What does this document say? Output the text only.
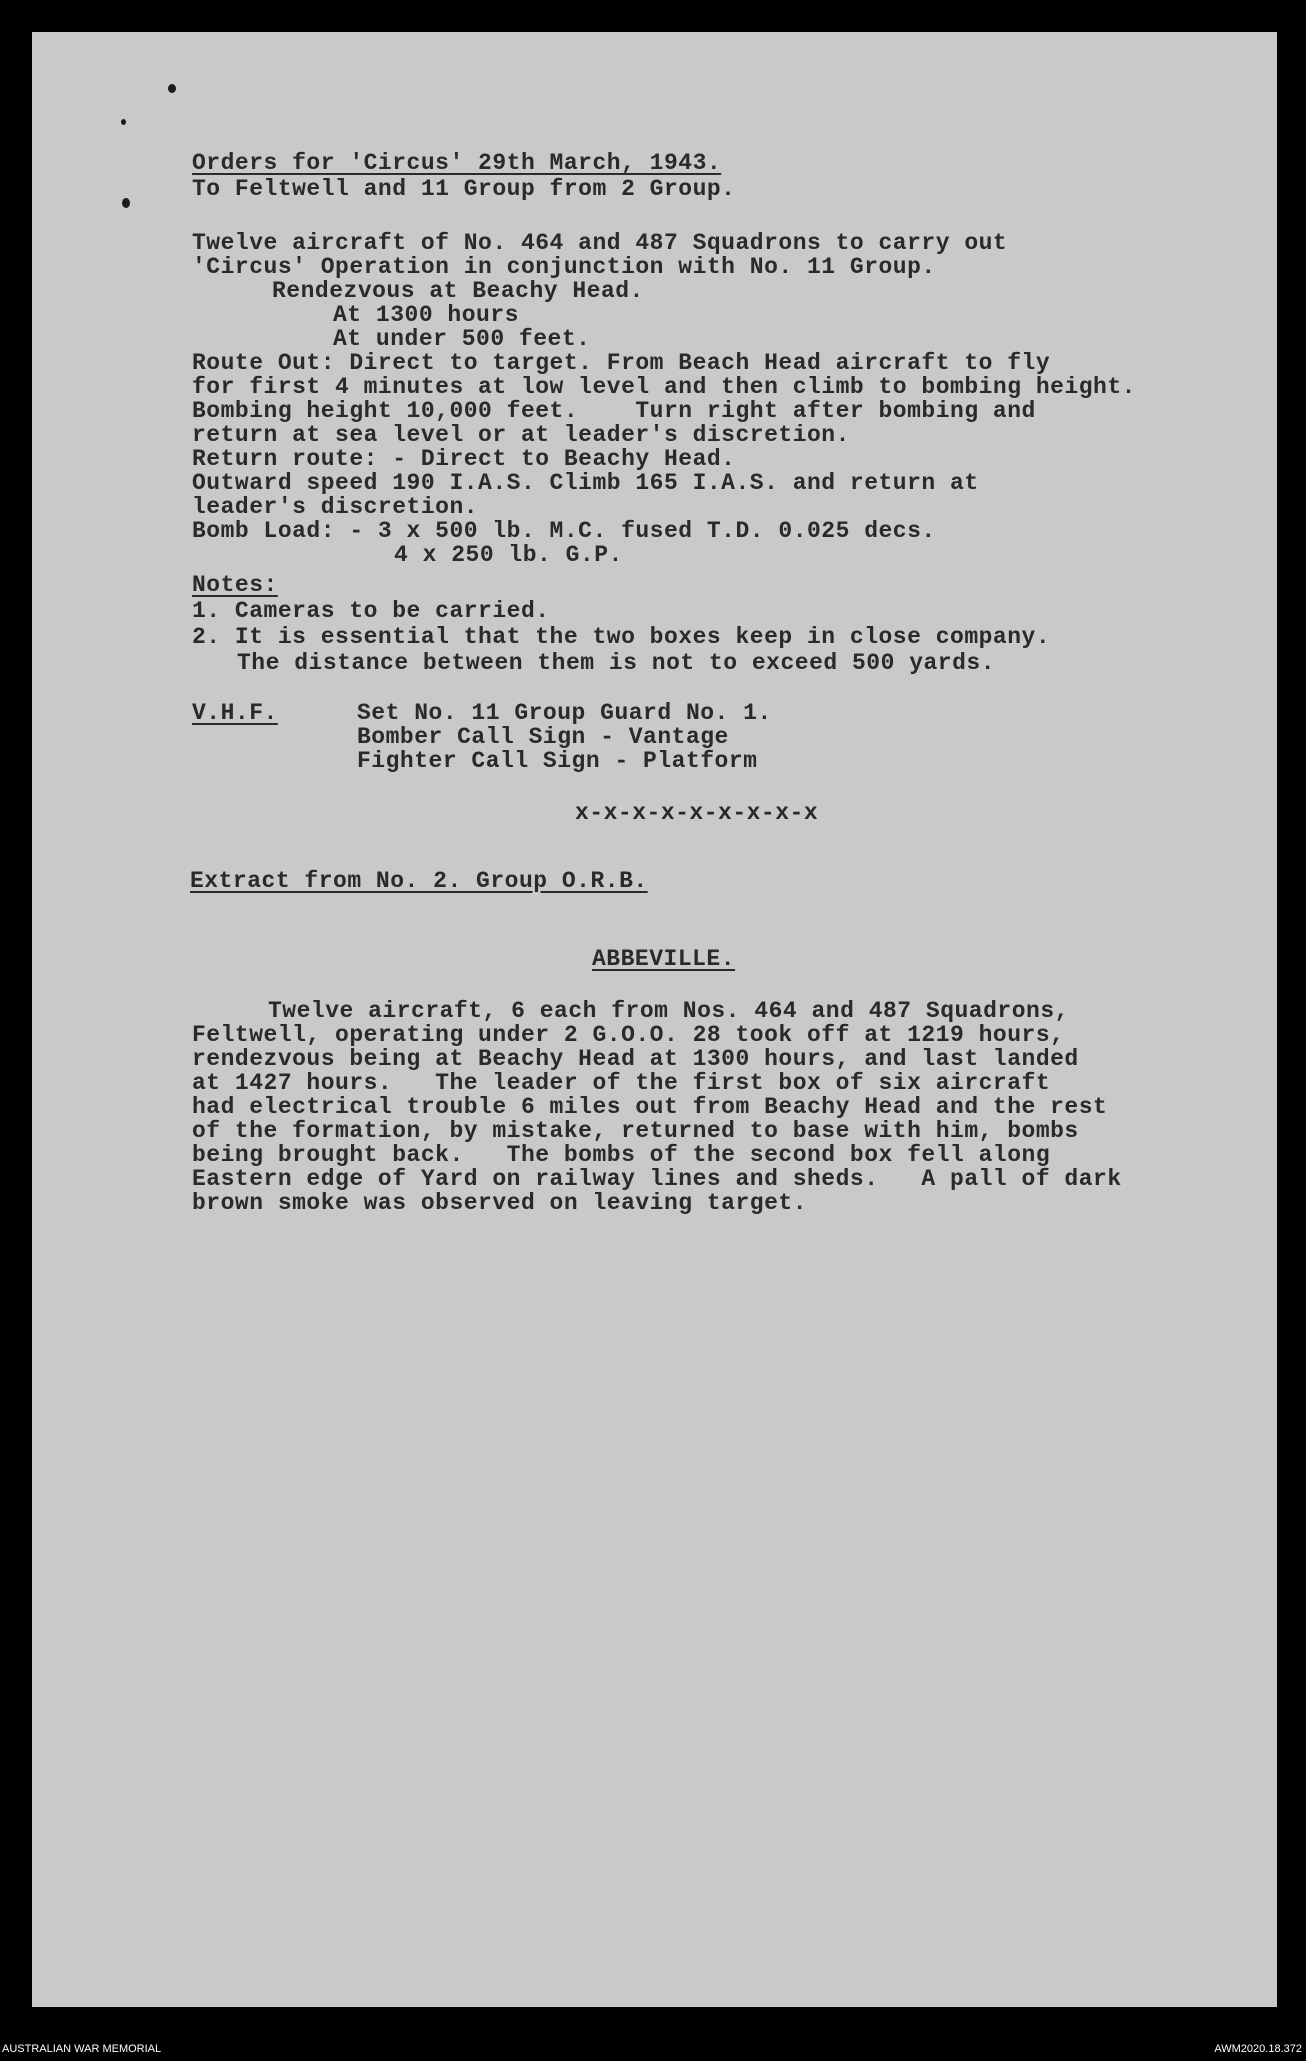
Orders for 'Circus' 29th March, 1943.
To Feltwell and 11 Group from 2 Group.
Twelve aircraft of No. 464 and 487 Squadrons to carry out
'Circus' Operation in conjunction with No. 11 Group.
Rendezvous at Beachy Head.
At 1300 hours
At under 500 feet.
Route Out: Direct to target. From Beach Head aircraft to fly
for first 4 minutes at low level and then climb to bombing height.
Bombing height 10,000 feet.    Turn right after bombing and
return at sea level or at leader's discretion.
Return route: - Direct to Beachy Head.
Outward speed 190 I.A.S. Climb 165 I.A.S. and return at
leader's discretion.
Bomb Load: - 3 x 500 lb. M.C. fused T.D. 0.025 decs.
4 x 250 lb. G.P.
Notes:
1. Cameras to be carried.
2. It is essential that the two boxes keep in close company.
The distance between them is not to exceed 500 yards.
V.H.F.	Set No. 11 Group Guard No. 1.
Bomber Call Sign - Vantage
Fighter Call Sign - Platform
x-x-x-x-x-x-x-x-x
Extract from No. 2. Group O.R.B.
ABBEVILLE.
Twelve aircraft, 6 each from Nos. 464 and 487 Squadrons,
Feltwell, operating under 2 G.O.O. 28 took off at 1219 hours,
rendezvous being at Beachy Head at 1300 hours, and last landed
at 1427 hours.   The leader of the first box of six aircraft
had electrical trouble 6 miles out from Beachy Head and the rest
of the formation, by mistake, returned to base with him, bombs
being brought back.   The bombs of the second box fell along
Eastern edge of Yard on railway lines and sheds.   A pall of dark
brown smoke was observed on leaving target.
AUSTRALIAN WAR MEMORIAL	AWM2020.18.372
